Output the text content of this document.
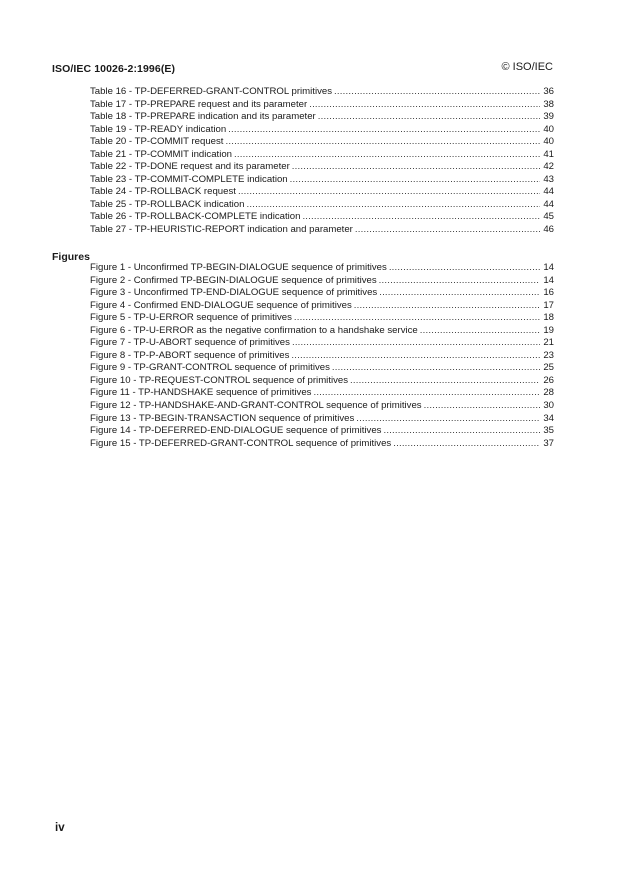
ISO/IEC 10026-2:1996(E)	© ISO/IEC
Table 16 - TP-DEFERRED-GRANT-CONTROL primitives .....	36
Table 17 - TP-PREPARE request and its parameter .....	38
Table 18 - TP-PREPARE indication and its parameter .....	39
Table 19 - TP-READY indication .....	40
Table 20 - TP-COMMIT request .....	40
Table 21 - TP-COMMIT indication .....	41
Table 22 - TP-DONE request and its parameter .....	42
Table 23 - TP-COMMIT-COMPLETE indication .....	43
Table 24 - TP-ROLLBACK request .....	44
Table 25 - TP-ROLLBACK indication .....	44
Table 26 - TP-ROLLBACK-COMPLETE indication .....	45
Table 27 - TP-HEURISTIC-REPORT indication and parameter .....	46
Figures
Figure 1 - Unconfirmed TP-BEGIN-DIALOGUE sequence of primitives .....	14
Figure 2 - Confirmed TP-BEGIN-DIALOGUE sequence of primitives .....	14
Figure 3 - Unconfirmed TP-END-DIALOGUE sequence of primitives .....	16
Figure 4 - Confirmed END-DIALOGUE sequence of primitives .....	17
Figure 5 - TP-U-ERROR sequence of primitives .....	18
Figure 6 - TP-U-ERROR as the negative confirmation to a handshake service .....	19
Figure 7 - TP-U-ABORT sequence of primitives .....	21
Figure 8 - TP-P-ABORT sequence of primitives .....	23
Figure 9 - TP-GRANT-CONTROL sequence of primitives .....	25
Figure 10 - TP-REQUEST-CONTROL sequence of primitives .....	26
Figure 11 - TP-HANDSHAKE sequence of primitives .....	28
Figure 12 - TP-HANDSHAKE-AND-GRANT-CONTROL sequence of primitives .....	30
Figure 13 - TP-BEGIN-TRANSACTION sequence of primitives .....	34
Figure 14 - TP-DEFERRED-END-DIALOGUE sequence of primitives .....	35
Figure 15 - TP-DEFERRED-GRANT-CONTROL sequence of primitives .....	37
iv
